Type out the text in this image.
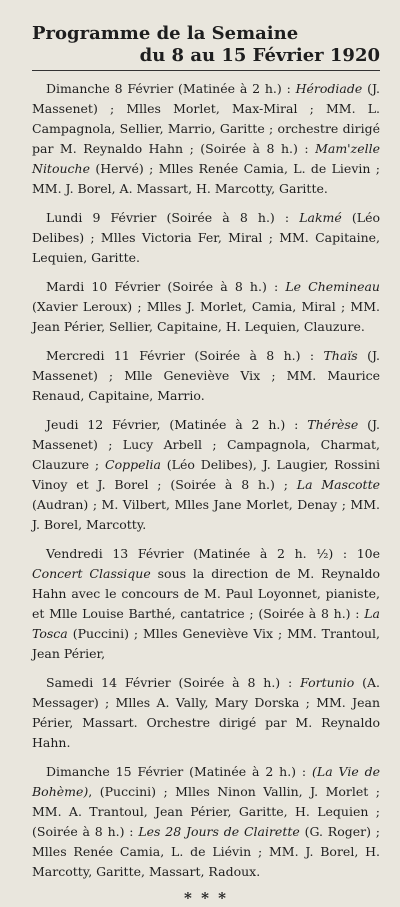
Programme de la Semaine
du 8 au 15 Février 1920

Dimanche 8 Février (Matinée à 2 h.) : Hérodiade (J. Massenet) ; Mlles Morlet, Max-Miral ; MM. L. Campagnola, Sellier, Marrio, Garitte ; orchestre dirigé par M. Reynaldo Hahn ; (Soirée à 8 h.) : Mam'zelle Nitouche (Hervé) ; Mlles Renée Camia, L. de Lievin ; MM. J. Borel, A. Massart, H. Marcotty, Garitte.

Lundi 9 Février (Soirée à 8 h.) : Lakmé (Léo Delibes) ; Mlles Victoria Fer, Miral ; MM. Capitaine, Lequien, Garitte.

Mardi 10 Février (Soirée à 8 h.) : Le Chemineau (Xavier Leroux) ; Mlles J. Morlet, Camia, Miral ; MM. Jean Périer, Sellier, Capitaine, H. Lequien, Clauzure.

Mercredi 11 Février (Soirée à 8 h.) : Thaïs (J. Massenet) ; Mlle Geneviève Vix ; MM. Maurice Renaud, Capitaine, Marrio.

Jeudi 12 Février, (Matinée à 2 h.) : Thérèse (J. Massenet) ; Lucy Arbell ; Campagnola, Charmat, Clauzure ; Coppelia (Léo Delibes), J. Laugier, Rossini Vinoy et J. Borel ; (Soirée à 8 h.) ; La Mascotte (Audran) ; M. Vilbert, Mlles Jane Morlet, Denay ; MM. J. Borel, Marcotty.

Vendredi 13 Février (Matinée à 2 h. ½) : 10e Concert Classique sous la direction de M. Reynaldo Hahn avec le concours de M. Paul Loyonnet, pianiste, et Mlle Louise Barthé, cantatrice ; (Soirée à 8 h.) : La Tosca (Puccini) ; Mlles Geneviève Vix ; MM. Trantoul, Jean Périer,

Samedi 14 Février (Soirée à 8 h.) : Fortunio (A. Messager) ; Mlles A. Vally, Mary Dorska ; MM. Jean Périer, Massart. Orchestre dirigé par M. Reynaldo Hahn.

Dimanche 15 Février (Matinée à 2 h.) : (La Vie de Bohème), (Puccini) ; Mlles Ninon Vallin, J. Morlet ; MM. A. Trantoul, Jean Périer, Garitte, H. Lequien ; (Soirée à 8 h.) : Les 28 Jours de Clairette (G. Roger) ; Mlles Renée Camia, L. de Liévin ; MM. J. Borel, H. Marcotty, Garitte, Massart, Radoux.

* * *
